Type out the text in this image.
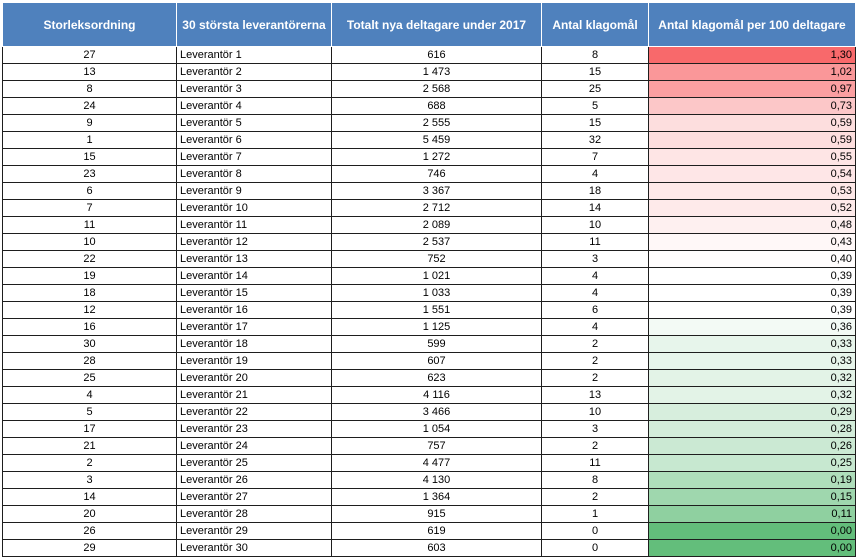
Storleksordning	30 största leverantörerna	Totalt nya deltagare under 2017	Antal klagomål	Antal klagomål per 100 deltagare
27	Leverantör 1	616	8	1,30
13	Leverantör 2	1 473	15	1,02
8	Leverantör 3	2 568	25	0,97
24	Leverantör 4	688	5	0,73
9	Leverantör 5	2 555	15	0,59
1	Leverantör 6	5 459	32	0,59
15	Leverantör 7	1 272	7	0,55
23	Leverantör 8	746	4	0,54
6	Leverantör 9	3 367	18	0,53
7	Leverantör 10	2 712	14	0,52
11	Leverantör 11	2 089	10	0,48
10	Leverantör 12	2 537	11	0,43
22	Leverantör 13	752	3	0,40
19	Leverantör 14	1 021	4	0,39
18	Leverantör 15	1 033	4	0,39
12	Leverantör 16	1 551	6	0,39
16	Leverantör 17	1 125	4	0,36
30	Leverantör 18	599	2	0,33
28	Leverantör 19	607	2	0,33
25	Leverantör 20	623	2	0,32
4	Leverantör 21	4 116	13	0,32
5	Leverantör 22	3 466	10	0,29
17	Leverantör 23	1 054	3	0,28
21	Leverantör 24	757	2	0,26
2	Leverantör 25	4 477	11	0,25
3	Leverantör 26	4 130	8	0,19
14	Leverantör 27	1 364	2	0,15
20	Leverantör 28	915	1	0,11
26	Leverantör 29	619	0	0,00
29	Leverantör 30	603	0	0,00
